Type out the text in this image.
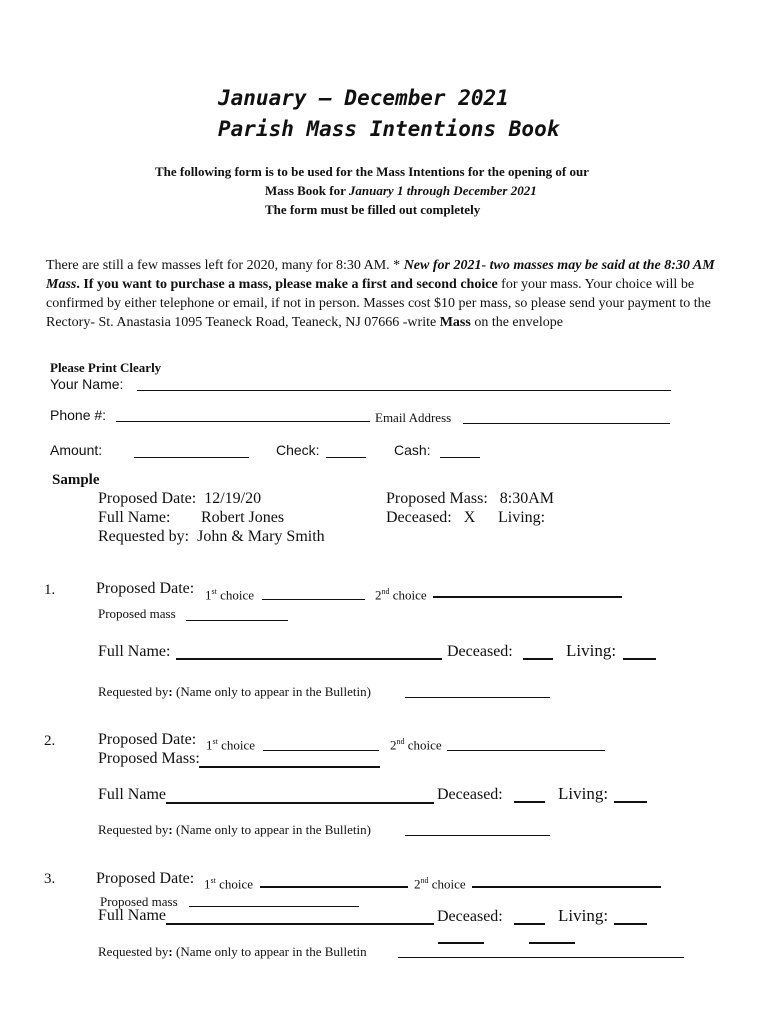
January – December 2021
Parish Mass Intentions Book
The following form is to be used for the Mass Intentions for the opening of our
Mass Book for January 1 through December 2021
The form must be filled out completely
There are still a few masses left for 2020, many for 8:30 AM. * New for 2021- two masses may be said at the 8:30 AM Mass. If you want to purchase a mass, please make a first and second choice for your mass. Your choice will be confirmed by either telephone or email, if not in person. Masses cost $10 per mass, so please send your payment to the Rectory- St. Anastasia 1095 Teaneck Road, Teaneck, NJ 07666 -write Mass on the envelope
Please Print Clearly
Your Name:
Phone #:	Email Address
Amount:	Check:	Cash:
Sample
Proposed Date: 12/19/20
Full Name: Robert Jones
Requested by: John & Mary Smith
Proposed Mass: 8:30AM
Deceased: X Living:
1.	Proposed Date: 1st choice	2nd choice
Proposed mass
Full Name:	Deceased:	Living:
Requested by: (Name only to appear in the Bulletin)
2.	Proposed Date: 1st choice	2nd choice
Proposed Mass:
Full Name	Deceased:	Living:
Requested by: (Name only to appear in the Bulletin)
3.	Proposed Date: 1st choice	2nd choice
Proposed mass
Full Name	Deceased:	Living:
Requested by: (Name only to appear in the Bulletin
